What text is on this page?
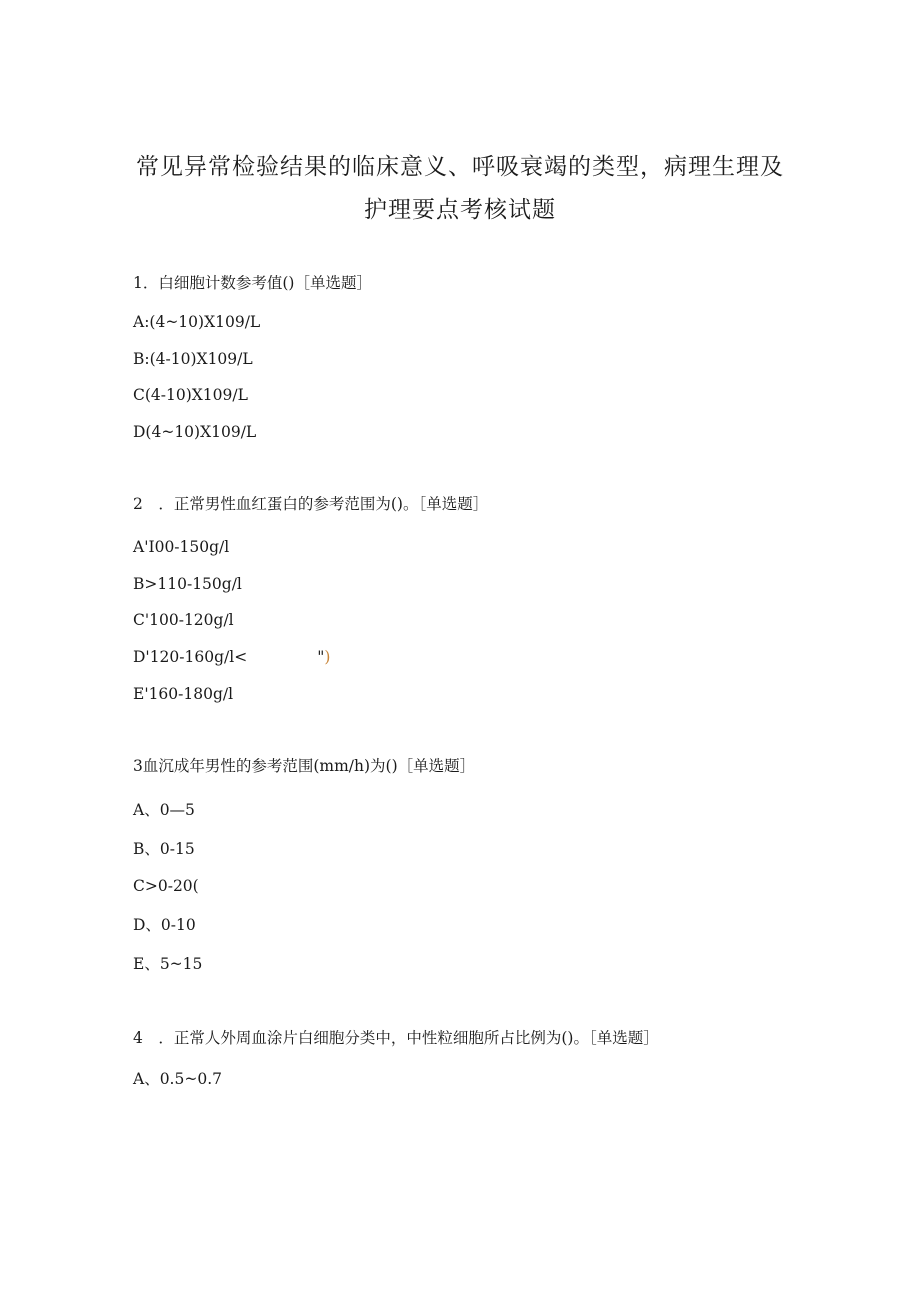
常见异常检验结果的临床意义、呼吸衰竭的类型，病理生理及
护理要点考核试题
1．白细胞计数参考值()［单选题］
A:(4~10)X109/L
B:(4-10)X109/L
C(4-10)X109∕L
D(4~10)X109∕L
2　．正常男性血红蛋白的参考范围为()。［单选题］
A'I00-150g∕l
B>110-150g∕l
C'100-120g∕l
D'120-160g∕l<	")
E'160-180g∕l
3血沉成年男性的参考范围(mm∕h)为()［单选题］
A、0—5
B、0-15
C>0-20(
D、0-10
E、5~15
4　．正常人外周血涂片白细胞分类中，中性粒细胞所占比例为()。［单选题］
A、0.5~0.7
